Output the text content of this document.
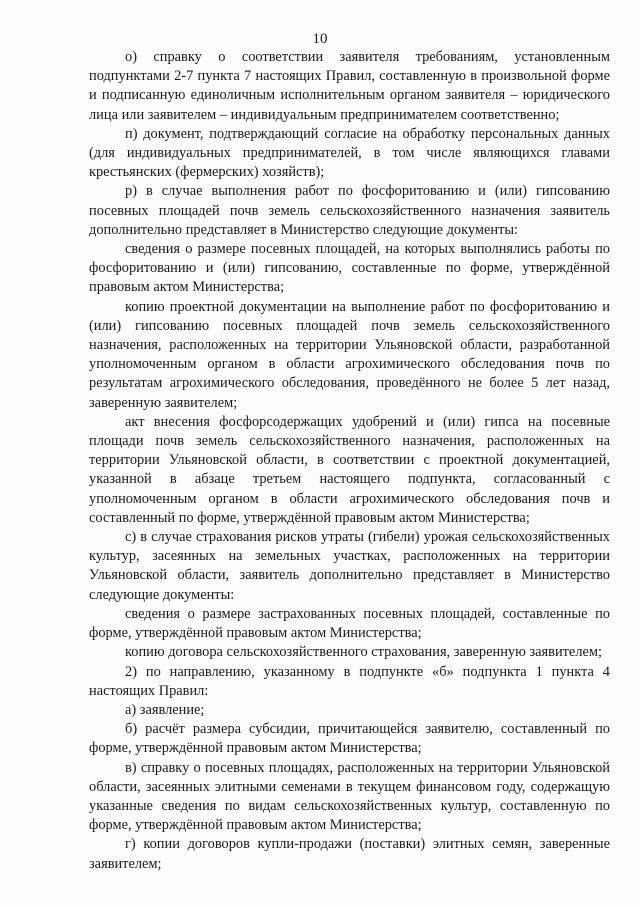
10

о) справку о соответствии заявителя требованиям, установленным подпунктами 2-7 пункта 7 настоящих Правил, составленную в произвольной форме и подписанную единоличным исполнительным органом заявителя – юридического лица или заявителем – индивидуальным предпринимателем соответственно;

п) документ, подтверждающий согласие на обработку персональных данных (для индивидуальных предпринимателей, в том числе являющихся главами крестьянских (фермерских) хозяйств);

р) в случае выполнения работ по фосфоритованию и (или) гипсованию посевных площадей почв земель сельскохозяйственного назначения заявитель дополнительно представляет в Министерство следующие документы:

сведения о размере посевных площадей, на которых выполнялись работы по фосфоритованию и (или) гипсованию, составленные по форме, утверждённой правовым актом Министерства;

копию проектной документации на выполнение работ по фосфоритованию и (или) гипсованию посевных площадей почв земель сельскохозяйственного назначения, расположенных на территории Ульяновской области, разработанной уполномоченным органом в области агрохимического обследования почв по результатам агрохимического обследования, проведённого не более 5 лет назад, заверенную заявителем;

акт внесения фосфорсодержащих удобрений и (или) гипса на посевные площади почв земель сельскохозяйственного назначения, расположенных на территории Ульяновской области, в соответствии с проектной документацией, указанной в абзаце третьем настоящего подпункта, согласованный с уполномоченным органом в области агрохимического обследования почв и составленный по форме, утверждённой правовым актом Министерства;

с) в случае страхования рисков утраты (гибели) урожая сельскохозяйственных культур, засеянных на земельных участках, расположенных на территории Ульяновской области, заявитель дополнительно представляет в Министерство следующие документы:

сведения о размере застрахованных посевных площадей, составленные по форме, утверждённой правовым актом Министерства;

копию договора сельскохозяйственного страхования, заверенную заявителем;

2) по направлению, указанному в подпункте «б» подпункта 1 пункта 4 настоящих Правил:

а) заявление;

б) расчёт размера субсидии, причитающейся заявителю, составленный по форме, утверждённой правовым актом Министерства;

в) справку о посевных площадях, расположенных на территории Ульяновской области, засеянных элитными семенами в текущем финансовом году, содержащую указанные сведения по видам сельскохозяйственных культур, составленную по форме, утверждённой правовым актом Министерства;

г) копии договоров купли-продажи (поставки) элитных семян, заверенные заявителем;
